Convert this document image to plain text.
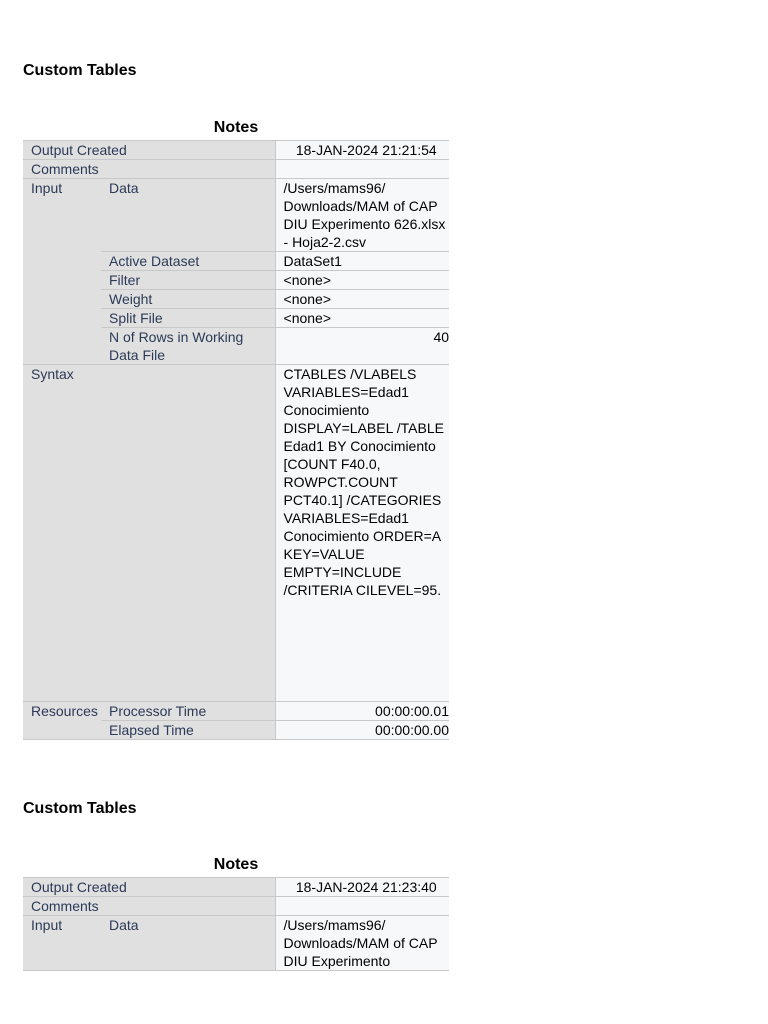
Custom Tables
Notes
Output Created		18-JAN-2024 21:21:54
Comments		
Input	Data	/Users/mams96/ Downloads/MAM of CAP DIU Experimento 626.xlsx - Hoja2-2.csv
	Active Dataset	DataSet1
	Filter	<none>
	Weight	<none>
	Split File	<none>
	N of Rows in Working Data File	40
Syntax		CTABLES /VLABELS VARIABLES=Edad1 Conocimiento DISPLAY=LABEL /TABLE Edad1 BY Conocimiento [COUNT F40.0, ROWPCT.COUNT PCT40.1] /CATEGORIES VARIABLES=Edad1 Conocimiento ORDER=A KEY=VALUE EMPTY=INCLUDE /CRITERIA CILEVEL=95.
Resources	Processor Time	00:00:00.01
	Elapsed Time	00:00:00.00
Custom Tables
Notes
Output Created		18-JAN-2024 21:23:40
Comments		
Input	Data	/Users/mams96/ Downloads/MAM of CAP DIU Experimento
